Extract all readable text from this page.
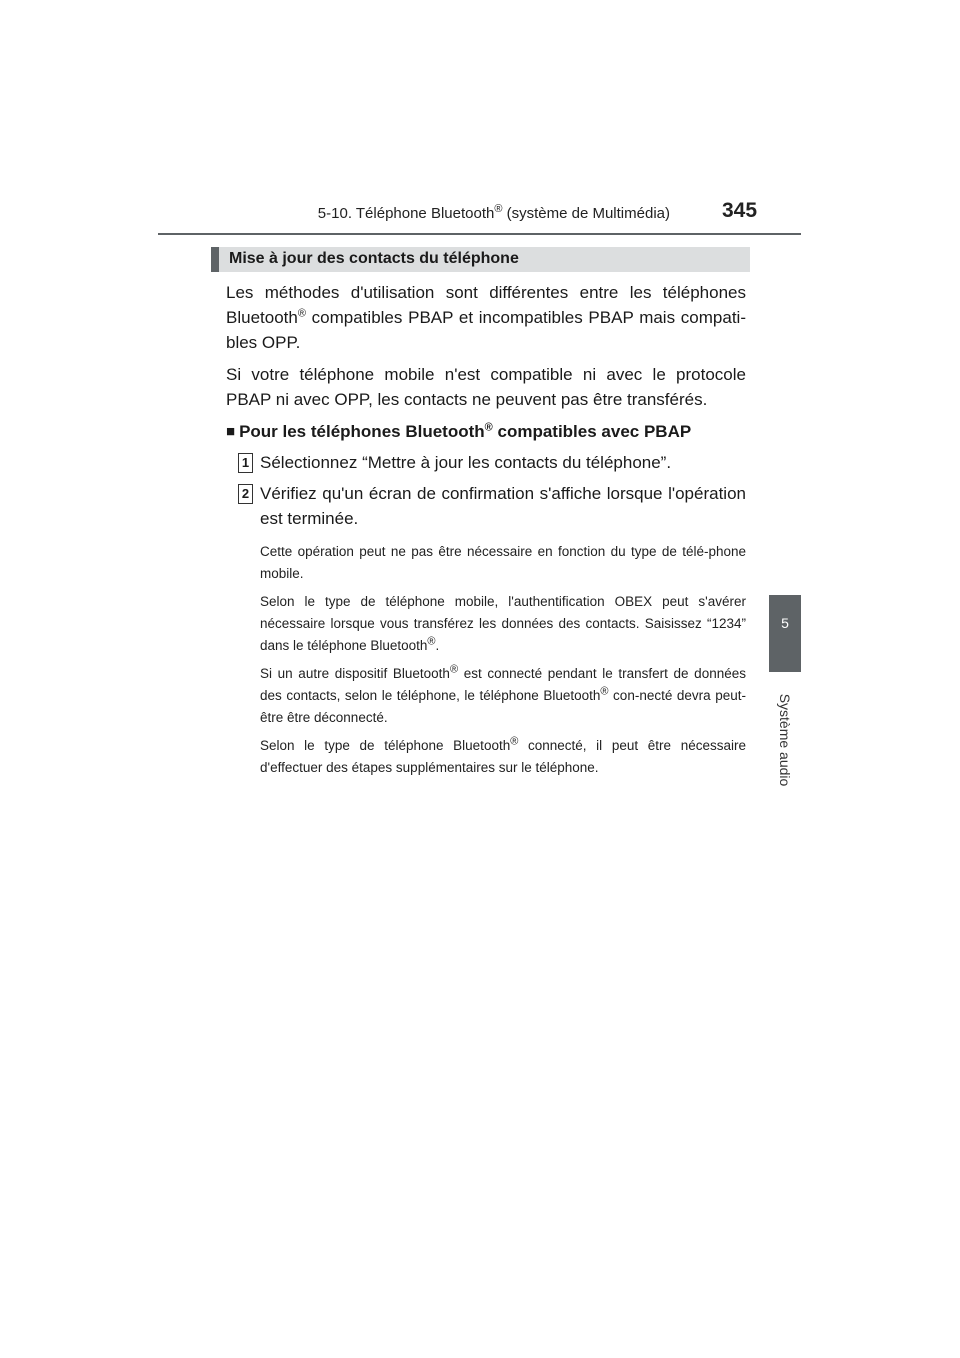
5-10. Téléphone Bluetooth® (système de Multimédia) 345
5
Système audio
Mise à jour des contacts du téléphone

Les méthodes d'utilisation sont différentes entre les téléphones Bluetooth® compatibles PBAP et incompatibles PBAP mais compati-bles OPP.

Si votre téléphone mobile n'est compatible ni avec le protocole PBAP ni avec OPP, les contacts ne peuvent pas être transférés.

■ Pour les téléphones Bluetooth® compatibles avec PBAP
1 Sélectionnez “Mettre à jour les contacts du téléphone”.
2 Vérifiez qu'un écran de confirmation s'affiche lorsque l'opération est terminée.

Cette opération peut ne pas être nécessaire en fonction du type de télé-phone mobile.

Selon le type de téléphone mobile, l'authentification OBEX peut s'avérer nécessaire lorsque vous transférez les données des contacts. Saisissez “1234” dans le téléphone Bluetooth®.

Si un autre dispositif Bluetooth® est connecté pendant le transfert de données des contacts, selon le téléphone, le téléphone Bluetooth® con-necté devra peut-être être déconnecté.

Selon le type de téléphone Bluetooth® connecté, il peut être nécessaire d'effectuer des étapes supplémentaires sur le téléphone.
